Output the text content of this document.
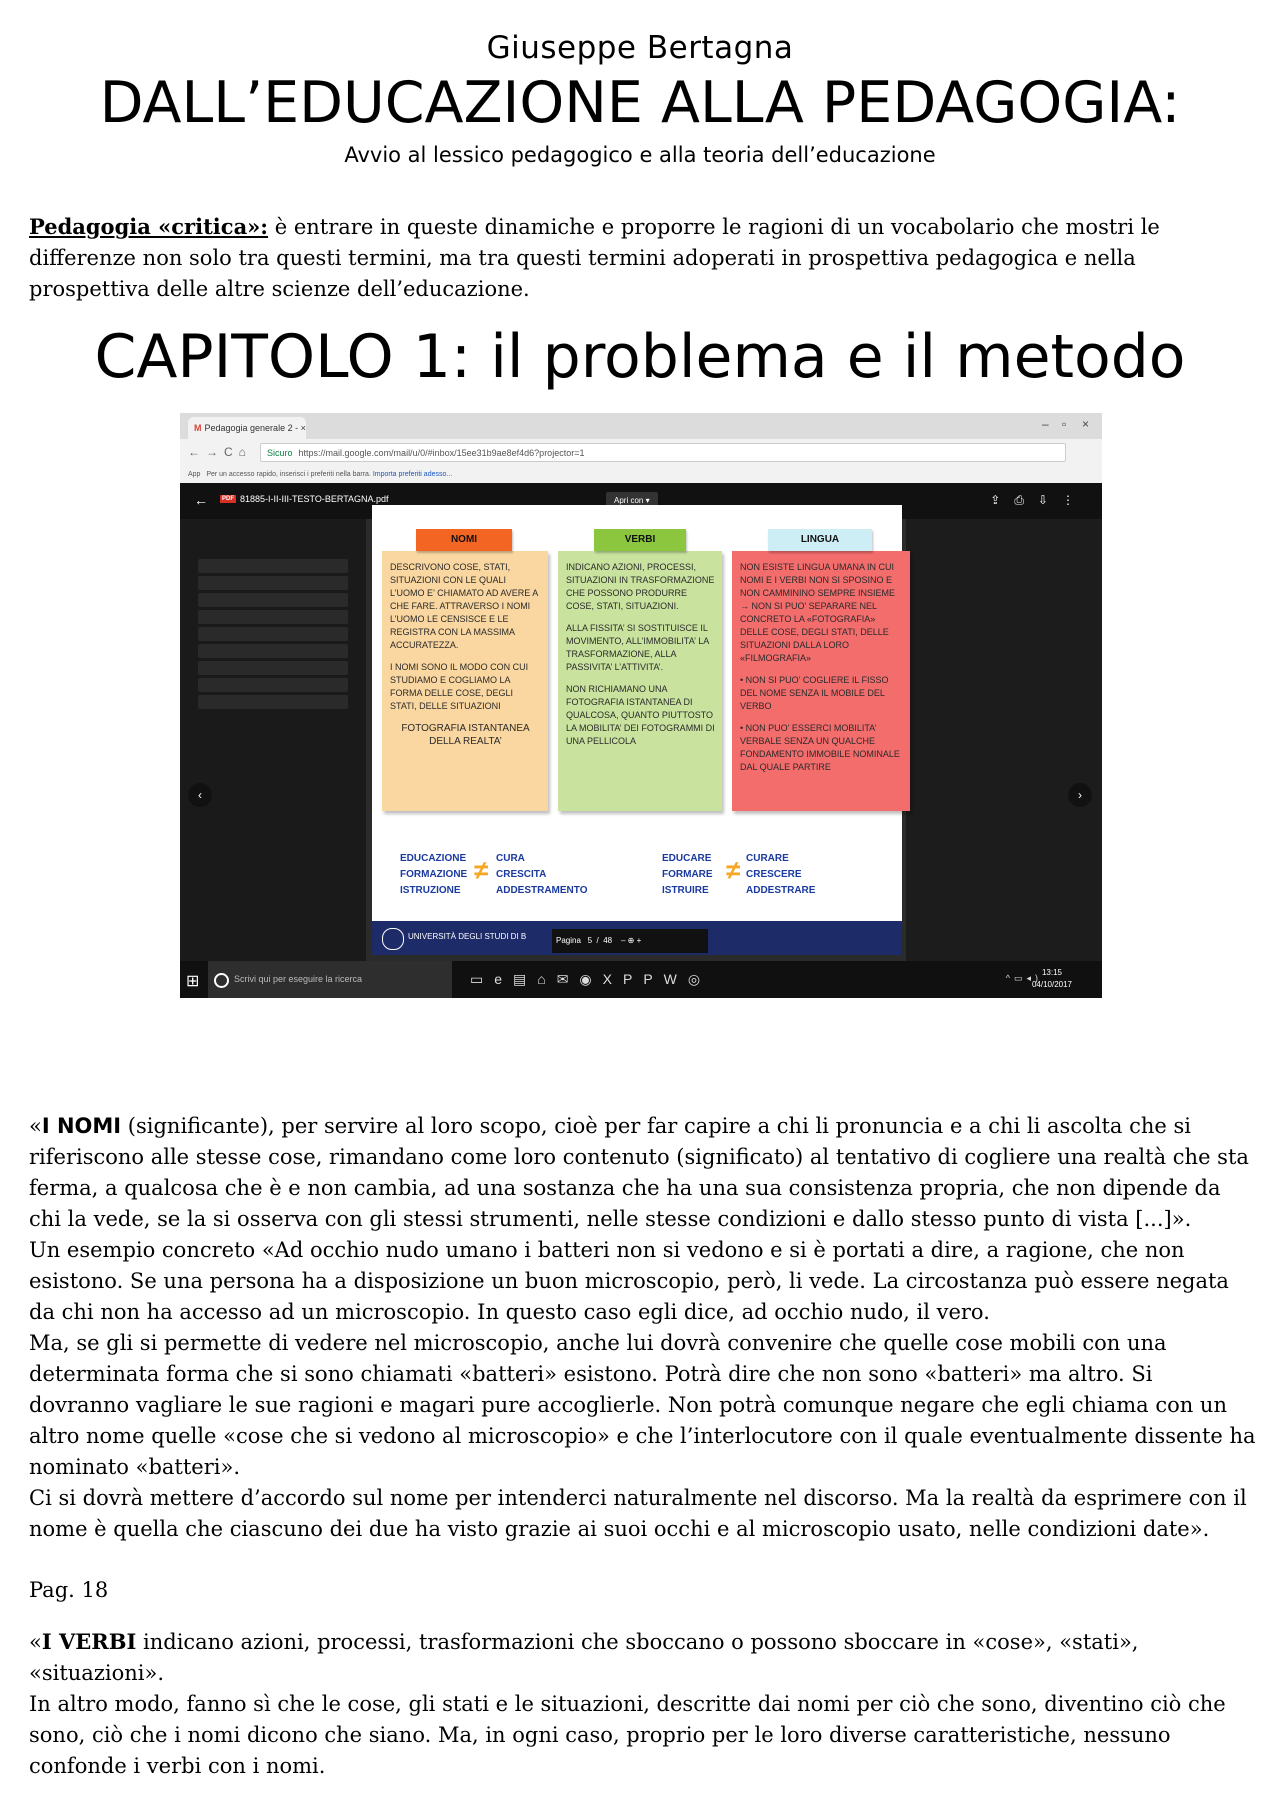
Giuseppe Bertagna
DALL’EDUCAZIONE ALLA PEDAGOGIA:
Avvio al lessico pedagogico e alla teoria dell’educazione
Pedagogia «critica»: è entrare in queste dinamiche e proporre le ragioni di un vocabolario che mostri le differenze non solo tra questi termini, ma tra questi termini adoperati in prospettiva pedagogica e nella prospettiva delle altre scienze dell’educazione.
CAPITOLO 1: il problema e il metodo
M Pedagogia generale 2 - ×	– ▫ ×
←→C⌂	Sicuro https://mail.google.com/mail/u/0/#inbox/15ee31b9ae8ef4d6?projector=1
App Per un accesso rapido, inserisci i preferiti nella barra. Importa preferiti adesso...
←	PDF 81885-I-II-III-TESTO-BERTAGNA.pdf	Apri con ▾	⇪⎙⇩⋮
‹	›

DESCRIVONO COSE, STATI, SITUAZIONI CON LE QUALI L’UOMO E’ CHIAMATO AD AVERE A CHE FARE. ATTRAVERSO I NOMI L’UOMO LE CENSISCE E LE REGISTRA CON LA MASSIMA ACCURATEZZA.

I NOMI SONO IL MODO CON CUI STUDIAMO E COGLIAMO LA FORMA DELLE COSE, DEGLI STATI, DELLE SITUAZIONI

FOTOGRAFIA ISTANTANEA DELLA REALTA’

INDICANO AZIONI, PROCESSI, SITUAZIONI IN TRASFORMAZIONE CHE POSSONO PRODURRE COSE, STATI, SITUAZIONI.

ALLA FISSITA’ SI SOSTITUISCE IL MOVIMENTO, ALL’IMMOBILITA’ LA TRASFORMAZIONE, ALLA PASSIVITA’ L’ATTIVITA’.

NON RICHIAMANO UNA FOTOGRAFIA ISTANTANEA DI QUALCOSA, QUANTO PIUTTOSTO LA MOBILITA’ DEI FOTOGRAMMI DI UNA PELLICOLA

NON ESISTE LINGUA UMANA IN CUI NOMI E I VERBI NON SI SPOSINO E NON CAMMININO SEMPRE INSIEME → NON SI PUO’ SEPARARE NEL CONCRETO LA «FOTOGRAFIA» DELLE COSE, DEGLI STATI, DELLE SITUAZIONI DALLA LORO «FILMOGRAFIA»

• NON SI PUO’ COGLIERE IL FISSO DEL NOME SENZA IL MOBILE DEL VERBO

• NON PUO’ ESSERCI MOBILITA’ VERBALE SENZA UN QUALCHE FONDAMENTO IMMOBILE NOMINALE DAL QUALE PARTIRE

NOMI	VERBI	LINGUA
EDUCAZIONE
FORMAZIONE
ISTRUZIONE
≠ CURA
CRESCITA
ADDESTRAMENTO
EDUCARE
FORMARE
ISTRUIRE
≠ CURARE
CRESCERE
ADDESTRARE
UNIVERSITÀ DEGLI STUDI DI B	Pagina 5 / 48 – ⊕ +
⊞	Scrivi qui per eseguire la ricerca	▭e▤⌂✉◉XPPW◎	^▭◂)
13:15
04/10/2017

«I NOMI (significante), per servire al loro scopo, cioè per far capire a chi li pronuncia e a chi li ascolta che si riferiscono alle stesse cose, rimandano come loro contenuto (significato) al tentativo di cogliere una realtà che sta ferma, a qualcosa che è e non cambia, ad una sostanza che ha una sua consistenza propria, che non dipende da chi la vede, se la si osserva con gli stessi strumenti, nelle stesse condizioni e dallo stesso punto di vista [...]».

Un esempio concreto «Ad occhio nudo umano i batteri non si vedono e si è portati a dire, a ragione, che non esistono. Se una persona ha a disposizione un buon microscopio, però, li vede. La circostanza può essere negata da chi non ha accesso ad un microscopio. In questo caso egli dice, ad occhio nudo, il vero.

Ma, se gli si permette di vedere nel microscopio, anche lui dovrà convenire che quelle cose mobili con una determinata forma che si sono chiamati «batteri» esistono. Potrà dire che non sono «batteri» ma altro. Si dovranno vagliare le sue ragioni e magari pure accoglierle. Non potrà comunque negare che egli chiama con un altro nome quelle «cose che si vedono al microscopio» e che l’interlocutore con il quale eventualmente dissente ha nominato «batteri».

Ci si dovrà mettere d’accordo sul nome per intenderci naturalmente nel discorso. Ma la realtà da esprimere con il nome è quella che ciascuno dei due ha visto grazie ai suoi occhi e al microscopio usato, nelle condizioni date».

Pag. 18

«I VERBI indicano azioni, processi, trasformazioni che sboccano o possono sboccare in «cose», «stati», «situazioni».

In altro modo, fanno sì che le cose, gli stati e le situazioni, descritte dai nomi per ciò che sono, diventino ciò che sono, ciò che i nomi dicono che siano. Ma, in ogni caso, proprio per le loro diverse caratteristiche, nessuno confonde i verbi con i nomi.
